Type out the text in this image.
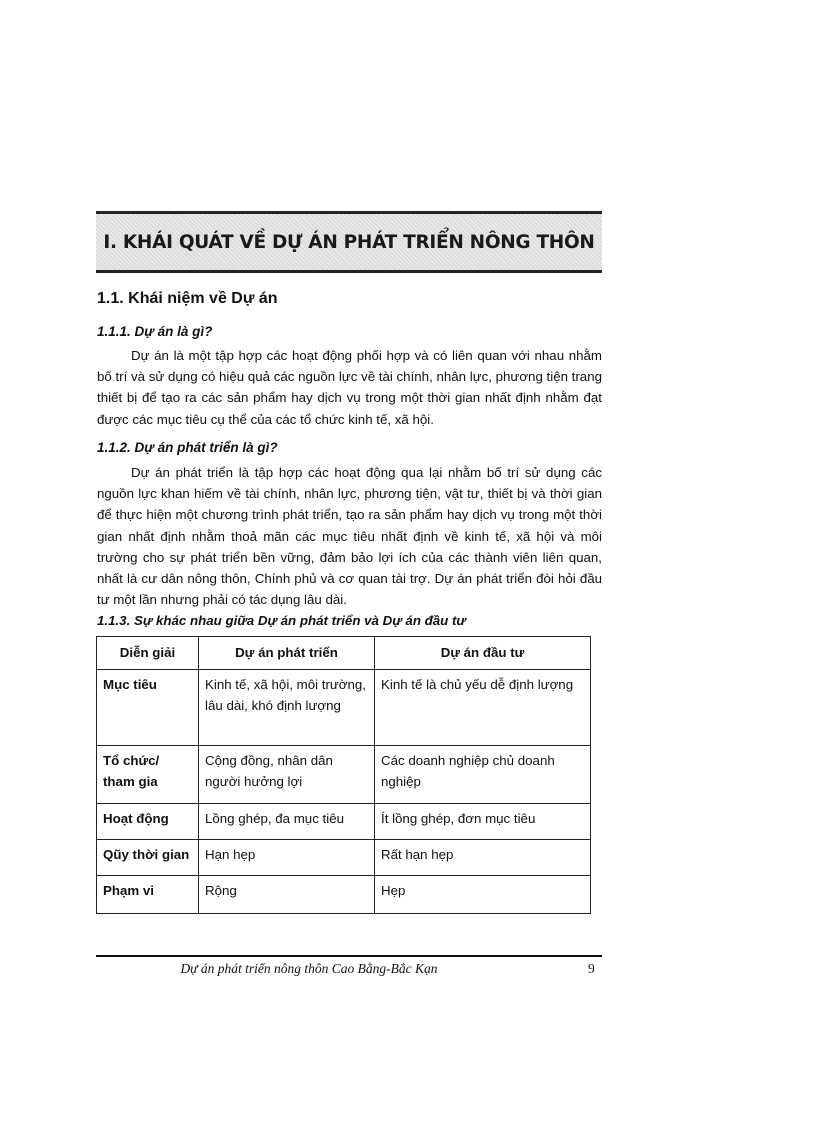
I. KHÁI QUÁT VỀ DỰ ÁN PHÁT TRIỂN NÔNG THÔN
1.1. Khái niệm về Dự án
1.1.1. Dự án là gì?

Dự án là một tập hợp các hoạt động phối hợp và có liên quan với nhau nhằm bố trí và sử dụng có hiệu quả các nguồn lực về tài chính, nhân lực, phương tiện trang thiết bị để tạo ra các sản phẩm hay dịch vụ trong một thời gian nhất định nhằm đạt được các mục tiêu cụ thể của các tổ chức kinh tế, xã hội.

1.1.2. Dự án phát triển là gì?

Dự án phát triển là tập hợp các hoạt động qua lại nhằm bố trí sử dụng các nguồn lực khan hiếm về tài chính, nhân lực, phương tiện, vật tư, thiết bị và thời gian để thực hiện một chương trình phát triển, tạo ra sản phẩm hay dịch vụ trong một thời gian nhất định nhằm thoả mãn các mục tiêu nhất định về kinh tế, xã hội và môi trường cho sự phát triển bền vững, đảm bảo lợi ích của các thành viên liên quan, nhất là cư dân nông thôn, Chính phủ và cơ quan tài trợ. Dự án phát triển đòi hỏi đầu tư một lần nhưng phải có tác dụng lâu dài.

1.1.3. Sự khác nhau giữa Dự án phát triển và Dự án đầu tư
Diễn giải	Dự án phát triển	Dự án đầu tư
Mục tiêu	Kinh tế, xã hội, môi trường, lâu dài, khó định lượng	Kinh tế là chủ yếu dễ định lượng
Tổ chức/ tham gia	Cộng đồng, nhân dân người hưởng lợi	Các doanh nghiệp chủ doanh nghiệp
Hoạt động	Lồng ghép, đa mục tiêu	Ít lồng ghép, đơn mục tiêu
Qũy thời gian	Hạn hẹp	Rất hạn hẹp
Phạm vi	Rộng	Hẹp
Dự án phát triển nông thôn Cao Bằng-Bắc Kạn	9
